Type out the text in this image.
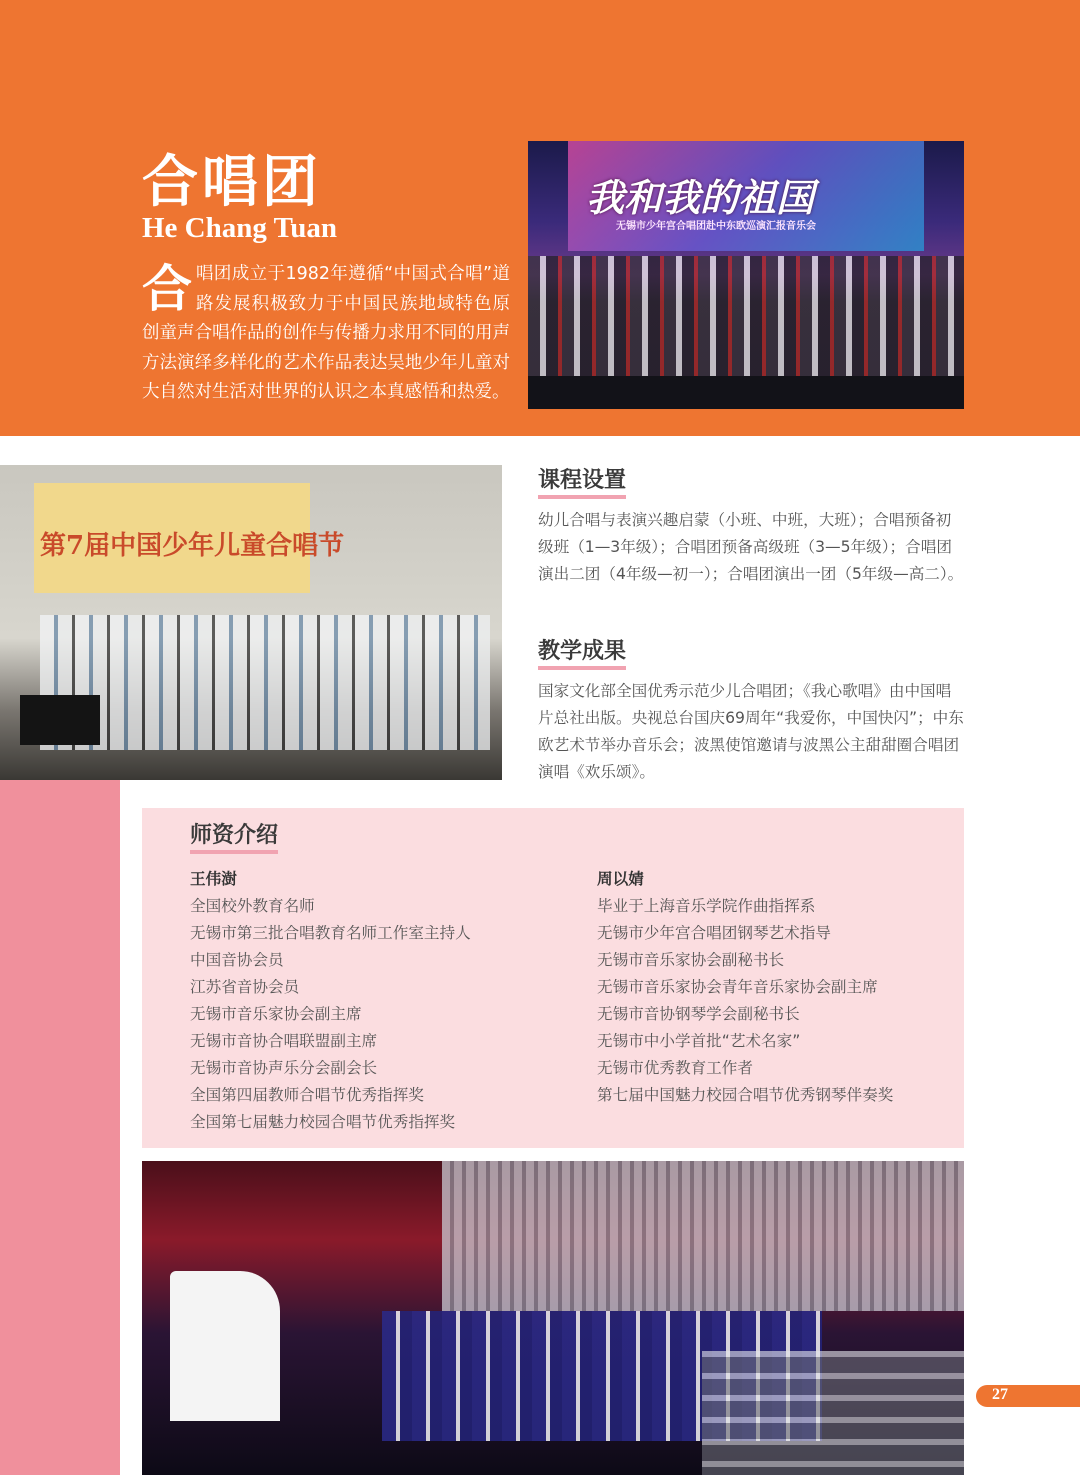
合唱团
He Chang Tuan
合 唱团成立于1982年遵循“中国式合唱”道路发展积极致力于中国民族地域特色原创童声合唱作品的创作与传播力求用不同的用声方法演绎多样化的艺术作品表达吴地少年儿童对大自然对生活对世界的认识之本真感悟和热爱。
我和我的祖国
无锡市少年宫合唱团赴中东欧巡演汇报音乐会
第7届中国少年儿童合唱节
课程设置
幼儿合唱与表演兴趣启蒙（小班、中班，大班）；合唱预备初级班（1—3年级）；合唱团预备高级班（3—5年级）；合唱团演出二团（4年级—初一）；合唱团演出一团（5年级—高二）。
教学成果
国家文化部全国优秀示范少儿合唱团；《我心歌唱》由中国唱片总社出版。央视总台国庆69周年“我爱你，中国快闪”；中东欧艺术节举办音乐会；波黑使馆邀请与波黑公主甜甜圈合唱团演唱《欢乐颂》。
师资介绍
王伟澍
全国校外教育名师
无锡市第三批合唱教育名师工作室主持人
中国音协会员
江苏省音协会员
无锡市音乐家协会副主席
无锡市音协合唱联盟副主席
无锡市音协声乐分会副会长
全国第四届教师合唱节优秀指挥奖
全国第七届魅力校园合唱节优秀指挥奖
周以婧
毕业于上海音乐学院作曲指挥系
无锡市少年宫合唱团钢琴艺术指导
无锡市音乐家协会副秘书长
无锡市音乐家协会青年音乐家协会副主席
无锡市音协钢琴学会副秘书长
无锡市中小学首批“艺术名家”
无锡市优秀教育工作者
第七届中国魅力校园合唱节优秀钢琴伴奏奖
27
